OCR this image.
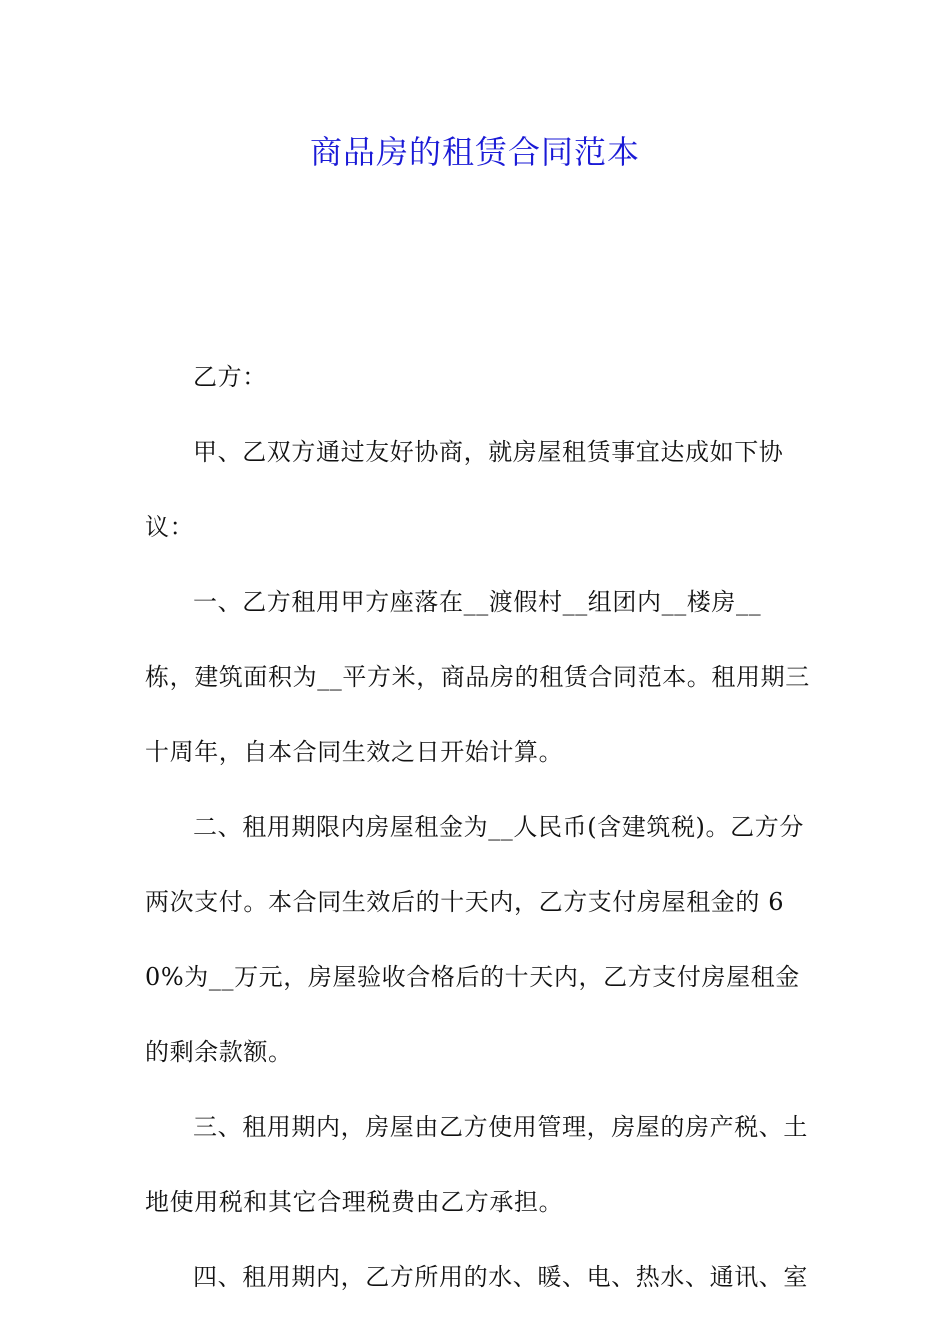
商品房的租赁合同范本

乙方：

甲、乙双方通过友好协商，就房屋租赁事宜达成如下协议：

一、乙方租用甲方座落在__渡假村__组团内__楼房__栋，建筑面积为__平方米，商品房的租赁合同范本。租用期三十周年，自本合同生效之日开始计算。

二、租用期限内房屋租金为__人民币(含建筑税)。乙方分两次支付。本合同生效后的十天内，乙方支付房屋租金的 60%为__万元，房屋验收合格后的十天内，乙方支付房屋租金的剩余款额。

三、租用期内，房屋由乙方使用管理，房屋的房产税、土地使用税和其它合理税费由乙方承担。

四、租用期内，乙方所用的水、暖、电、热水、通讯、室
